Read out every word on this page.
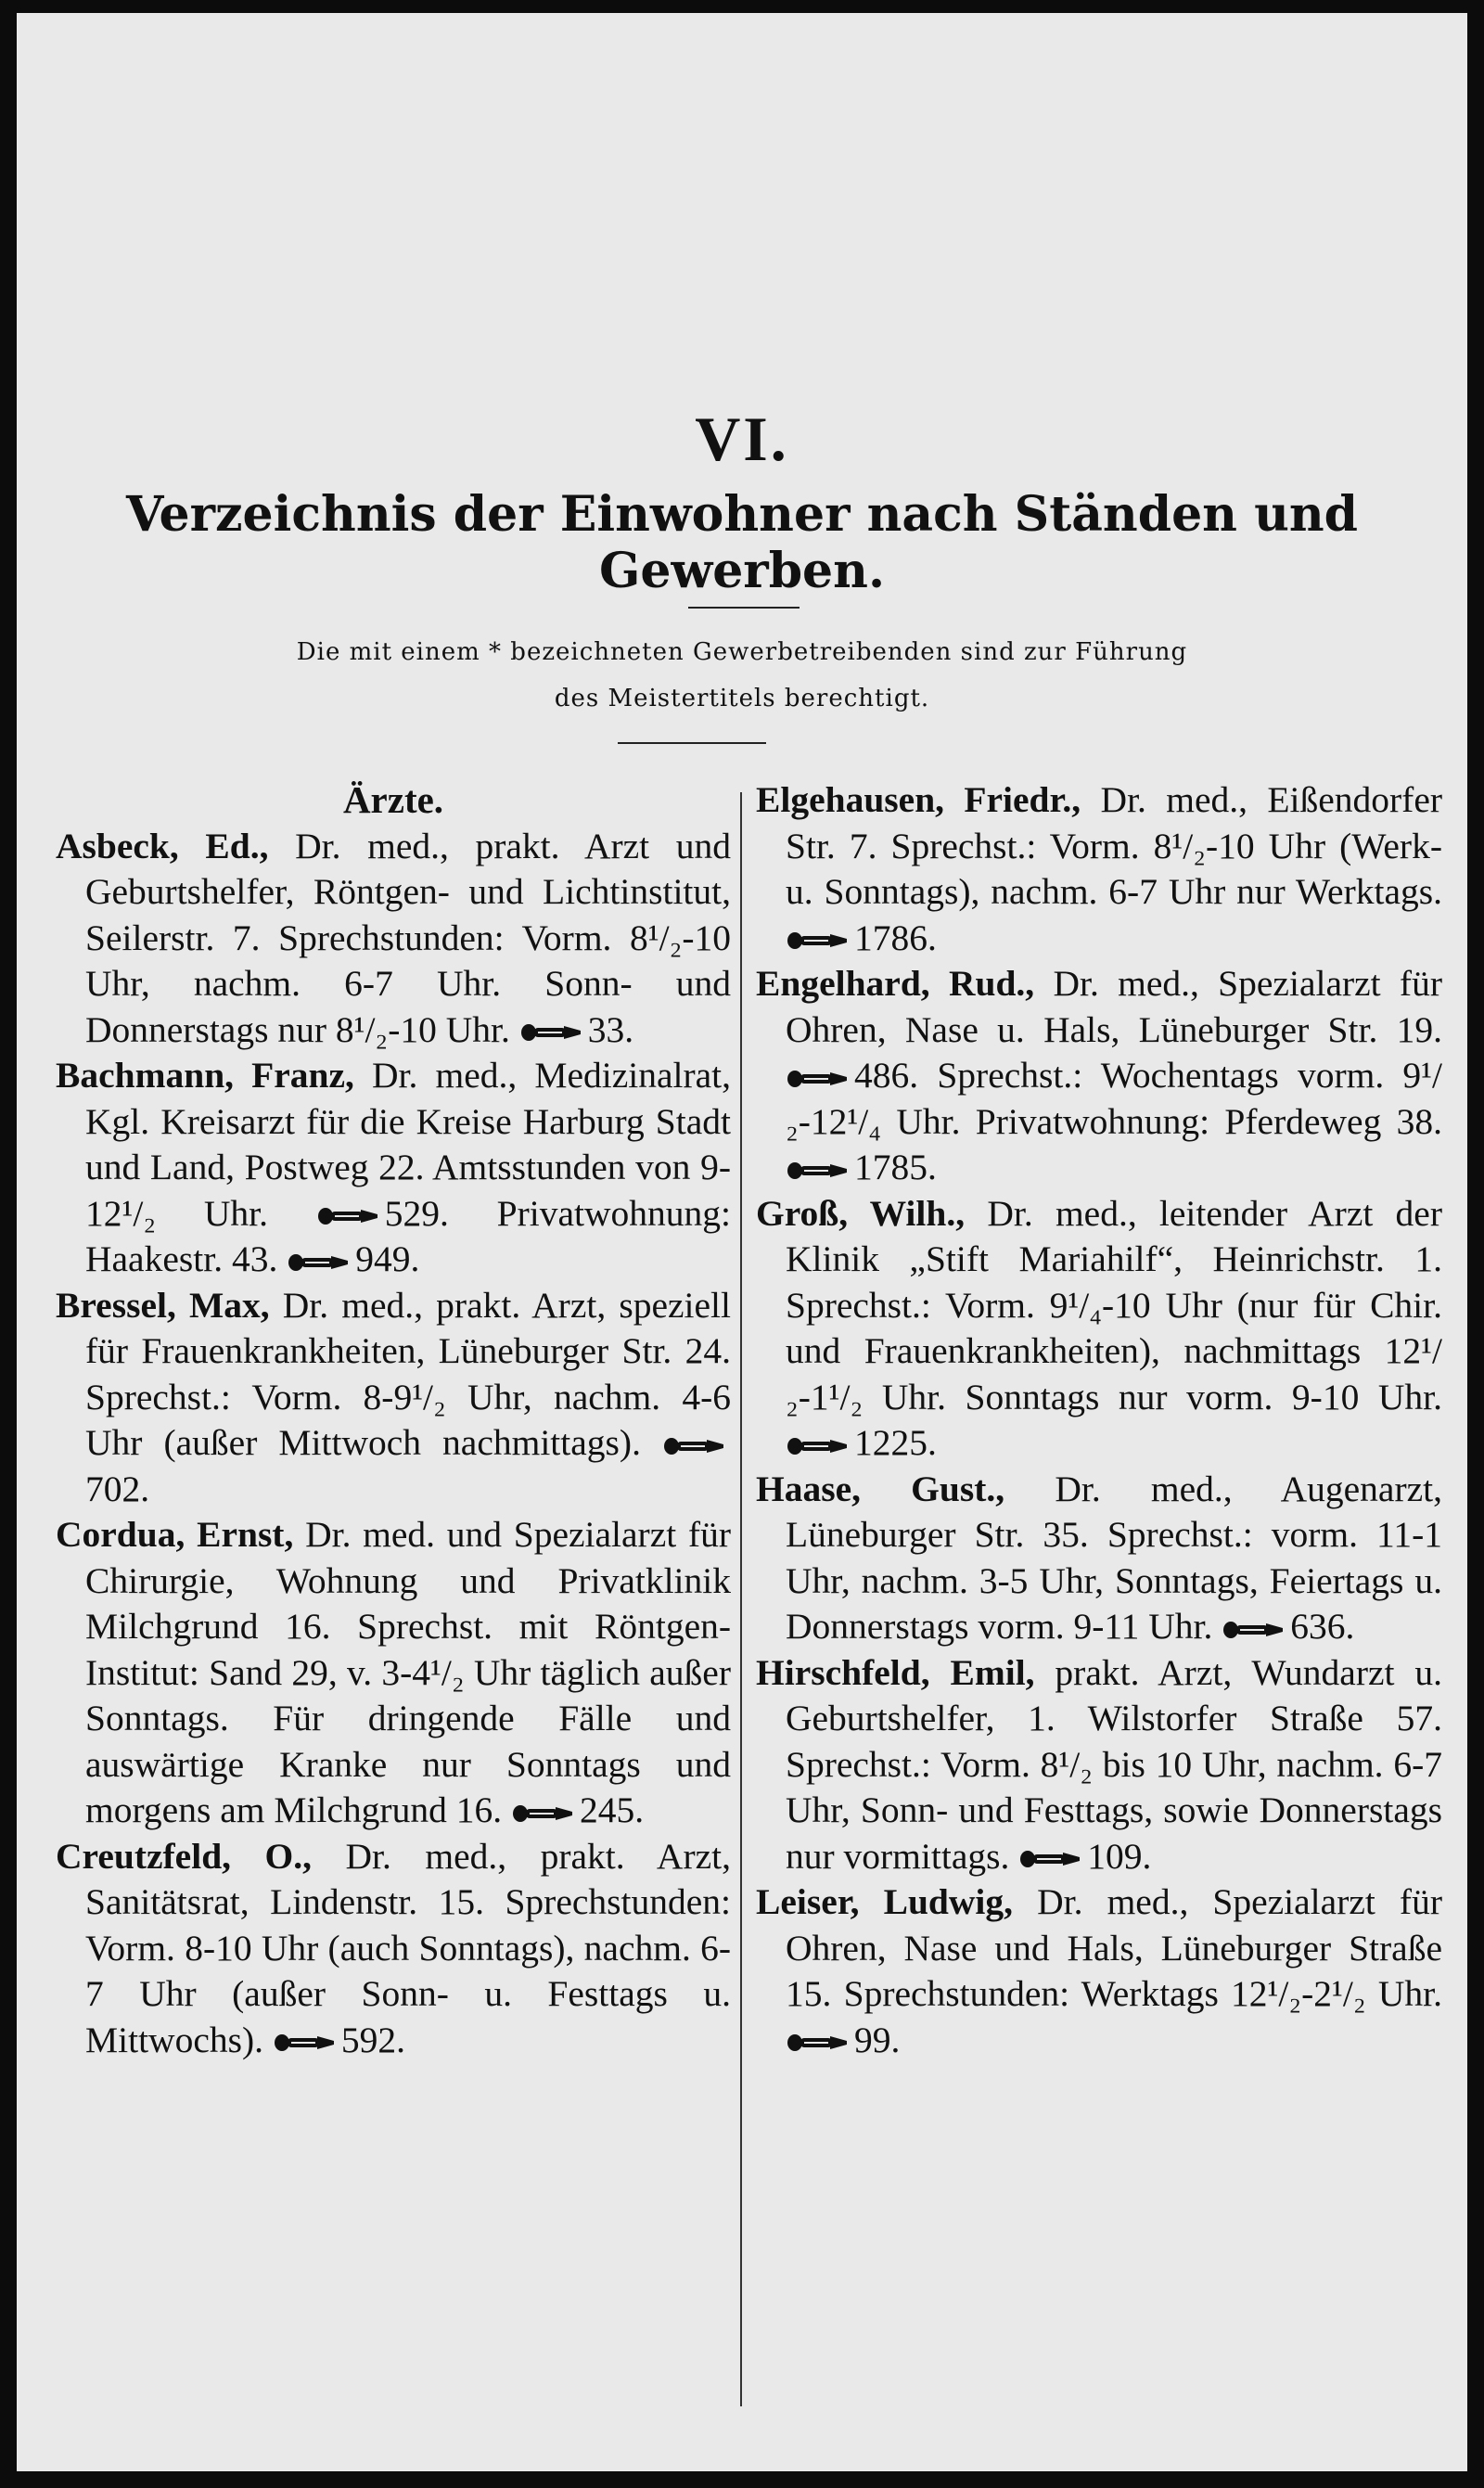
VI.
Verzeichnis der Einwohner nach Ständen und Gewerben.
Die mit einem * bezeichneten Gewerbetreibenden sind zur Führung
des Meistertitels berechtigt.
Ärzte.
Asbeck, Ed., Dr. med., prakt. Arzt und Geburtshelfer, Röntgen- und Lichtinstitut, Seilerstr. 7. Sprechstunden: Vorm. 8¹/₂-10 Uhr, nachm. 6-7 Uhr. Sonn- und Donnerstags nur 8¹/₂-10 Uhr. 33.
Bachmann, Franz, Dr. med., Medizinalrat, Kgl. Kreisarzt für die Kreise Harburg Stadt und Land, Postweg 22. Amtsstunden von 9-12¹/₂ Uhr.	529. Privatwohnung: Haakestr. 43. 949.
Bressel, Max, Dr. med., prakt. Arzt, speziell für Frauenkrankheiten, Lüneburger Str. 24. Sprechst.: Vorm. 8-9¹/₂ Uhr, nachm. 4-6 Uhr (außer Mittwoch nachmittags). 702.
Cordua, Ernst, Dr. med. und Spezialarzt für Chirurgie, Wohnung und Privatklinik Milchgrund 16. Sprechst. mit Röntgen-Institut: Sand 29, v. 3-4¹/₂ Uhr täglich außer Sonntags. Für dringende Fälle und auswärtige Kranke nur Sonntags und morgens am Milchgrund 16. 245.
Creutzfeld, O., Dr. med., prakt. Arzt, Sanitätsrat, Lindenstr. 15. Sprechstunden: Vorm. 8-10 Uhr (auch Sonntags), nachm. 6-7 Uhr (außer Sonn- u. Festtags u. Mittwochs). 592.
Elgehausen, Friedr., Dr. med., Eißendorfer Str. 7. Sprechst.: Vorm. 8¹/₂-10 Uhr (Werk- u. Sonntags), nachm. 6-7 Uhr nur Werktags. 1786.
Engelhard, Rud., Dr. med., Spezialarzt für Ohren, Nase u. Hals, Lüneburger Str. 19. 486. Sprechst.: Wochentags vorm. 9¹/₂-12¹/₄ Uhr. Privatwohnung: Pferdeweg 38. 1785.
Groß, Wilh., Dr. med., leitender Arzt der Klinik „Stift Mariahilf“, Heinrichstr. 1. Sprechst.: Vorm. 9¹/₄-10 Uhr (nur für Chir. und Frauenkrankheiten), nachmittags 12¹/₂-1¹/₂ Uhr. Sonntags nur vorm. 9-10 Uhr. 1225.
Haase, Gust., Dr. med., Augenarzt, Lüneburger Str. 35. Sprechst.: vorm. 11-1 Uhr, nachm. 3-5 Uhr, Sonntags, Feiertags u. Donnerstags vorm. 9-11 Uhr. 636.
Hirschfeld, Emil, prakt. Arzt, Wundarzt u. Geburtshelfer, 1. Wilstorfer Straße 57. Sprechst.: Vorm. 8¹/₂ bis 10 Uhr, nachm. 6-7 Uhr, Sonn- und Festtags, sowie Donnerstags nur vormittags. 109.
Leiser, Ludwig, Dr. med., Spezialarzt für Ohren, Nase und Hals, Lüneburger Straße 15. Sprechstunden: Werktags 12¹/₂-2¹/₂ Uhr. 99.
